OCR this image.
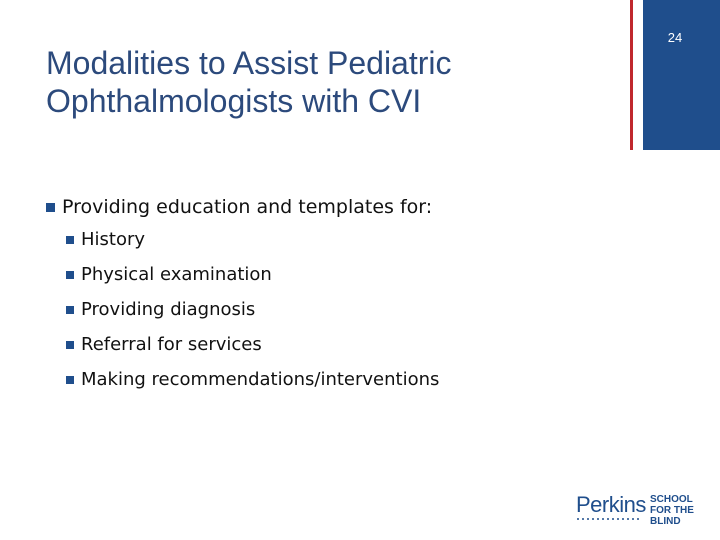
Modalities to Assist Pediatric Ophthalmologists with CVI
24
Providing education and templates for:
History
Physical examination
Providing diagnosis
Referral for services
Making recommendations/interventions
Perkins SCHOOL
FOR THE
BLIND
